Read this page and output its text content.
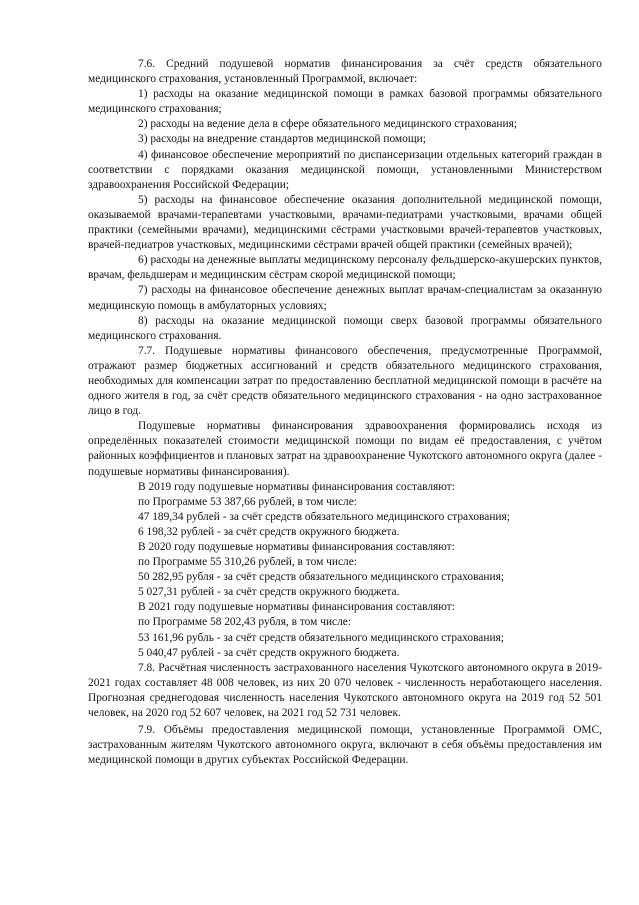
7.6. Средний подушевой норматив финансирования за счёт средств обязательного медицинского страхования, установленный Программой, включает:

1) расходы на оказание медицинской помощи в рамках базовой программы обязательного медицинского страхования;

2) расходы на ведение дела в сфере обязательного медицинского страхования;

3) расходы на внедрение стандартов медицинской помощи;

4) финансовое обеспечение мероприятий по диспансеризации отдельных категорий граждан в соответствии с порядками оказания медицинской помощи, установленными Министерством здравоохранения Российской Федерации;

5) расходы на финансовое обеспечение оказания дополнительной медицинской помощи, оказываемой врачами-терапевтами участковыми, врачами-педиатрами участковыми, врачами общей практики (семейными врачами), медицинскими сёстрами участковыми врачей-терапевтов участковых, врачей-педиатров участковых, медицинскими сёстрами врачей общей практики (семейных врачей);

6) расходы на денежные выплаты медицинскому персоналу фельдшерско-акушерских пунктов, врачам, фельдшерам и медицинским сёстрам скорой медицинской помощи;

7) расходы на финансовое обеспечение денежных выплат врачам-специалистам за оказанную медицинскую помощь в амбулаторных условиях;

8) расходы на оказание медицинской помощи сверх базовой программы обязательного медицинского страхования.

7.7. Подушевые нормативы финансового обеспечения, предусмотренные Программой, отражают размер бюджетных ассигнований и средств обязательного медицинского страхования, необходимых для компенсации затрат по предоставлению бесплатной медицинской помощи в расчёте на одного жителя в год, за счёт средств обязательного медицинского страхования - на одно застрахованное лицо в год.

Подушевые нормативы финансирования здравоохранения формировались исходя из определённых показателей стоимости медицинской помощи по видам её предоставления, с учётом районных коэффициентов и плановых затрат на здравоохранение Чукотского автономного округа (далее - подушевые нормативы финансирования).

В 2019 году подушевые нормативы финансирования составляют:

по Программе 53 387,66 рублей, в том числе:

47 189,34 рублей - за счёт средств обязательного медицинского страхования;

6 198,32 рублей - за счёт средств окружного бюджета.

В 2020 году подушевые нормативы финансирования составляют:

по Программе 55 310,26 рублей, в том числе:

50 282,95 рубля - за счёт средств обязательного медицинского страхования;

5 027,31 рублей - за счёт средств окружного бюджета.

В 2021 году подушевые нормативы финансирования составляют:

по Программе 58 202,43 рубля, в том числе:

53 161,96 рубль - за счёт средств обязательного медицинского страхования;

5 040,47 рублей - за счёт средств окружного бюджета.

7.8. Расчётная численность застрахованного населения Чукотского автономного округа в 2019-2021 годах составляет 48 008 человек, из них 20 070 человек - численность неработающего населения. Прогнозная среднегодовая численность населения Чукотского автономного округа на 2019 год 52 501 человек, на 2020 год 52 607 человек, на 2021 год 52 731 человек.

7.9. Объёмы предоставления медицинской помощи, установленные Программой ОМС, застрахованным жителям Чукотского автономного округа, включают в себя объёмы предоставления им медицинской помощи в других субъектах Российской Федерации.
